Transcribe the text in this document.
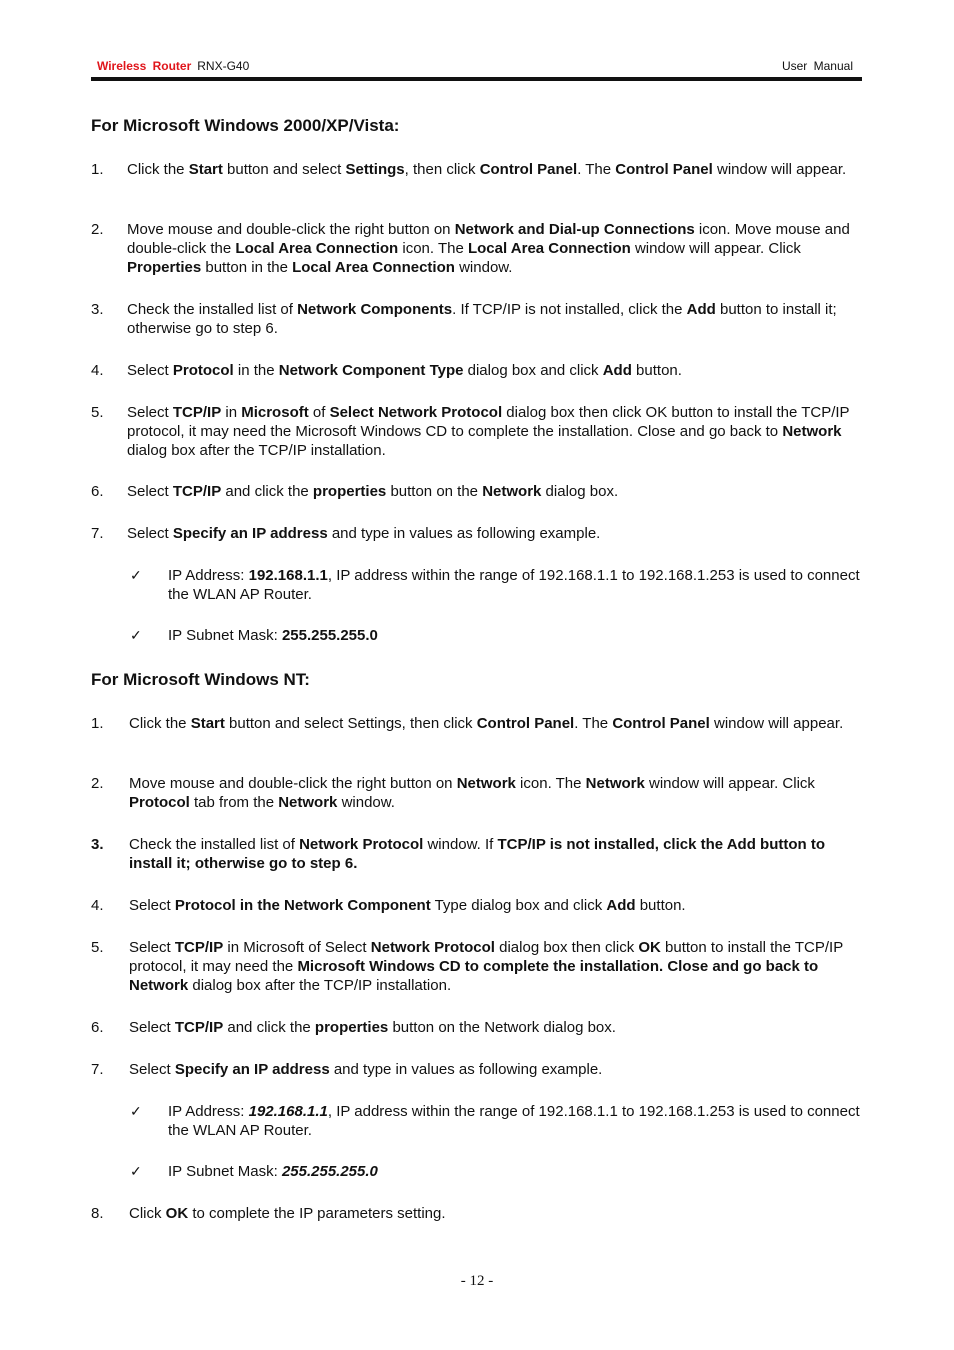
Wireless Router RNX-G40	User Manual
For Microsoft Windows 2000/XP/Vista:
1.	Click the Start button and select Settings, then click Control Panel. The Control Panel window will appear.
2.	Move mouse and double-click the right button on Network and Dial-up Connections icon. Move mouse and double-click the Local Area Connection icon. The Local Area Connection window will appear. Click Properties button in the Local Area Connection window.
3.	Check the installed list of Network Components. If TCP/IP is not installed, click the Add button to install it; otherwise go to step 6.
4.	Select Protocol in the Network Component Type dialog box and click Add button.
5.	Select TCP/IP in Microsoft of Select Network Protocol dialog box then click OK button to install the TCP/IP protocol, it may need the Microsoft Windows CD to complete the installation. Close and go back to Network dialog box after the TCP/IP installation.
6.	Select TCP/IP and click the properties button on the Network dialog box.
7.	Select Specify an IP address and type in values as following example.
✓ IP Address: 192.168.1.1, IP address within the range of 192.168.1.1 to 192.168.1.253 is used to connect the WLAN AP Router.
✓ IP Subnet Mask: 255.255.255.0
For Microsoft Windows NT:
1.	Click the Start button and select Settings, then click Control Panel. The Control Panel window will appear.
2.	Move mouse and double-click the right button on Network icon. The Network window will appear. Click Protocol tab from the Network window.
3.	Check the installed list of Network Protocol window. If TCP/IP is not installed, click the Add button to install it; otherwise go to step 6.
4.	Select Protocol in the Network Component Type dialog box and click Add button.
5.	Select TCP/IP in Microsoft of Select Network Protocol dialog box then click OK button to install the TCP/IP protocol, it may need the Microsoft Windows CD to complete the installation. Close and go back to Network dialog box after the TCP/IP installation.
6.	Select TCP/IP and click the properties button on the Network dialog box.
7.	Select Specify an IP address and type in values as following example.
✓ IP Address: 192.168.1.1, IP address within the range of 192.168.1.1 to 192.168.1.253 is used to connect the WLAN AP Router.
✓ IP Subnet Mask: 255.255.255.0
8.	Click OK to complete the IP parameters setting.
- 12 -
